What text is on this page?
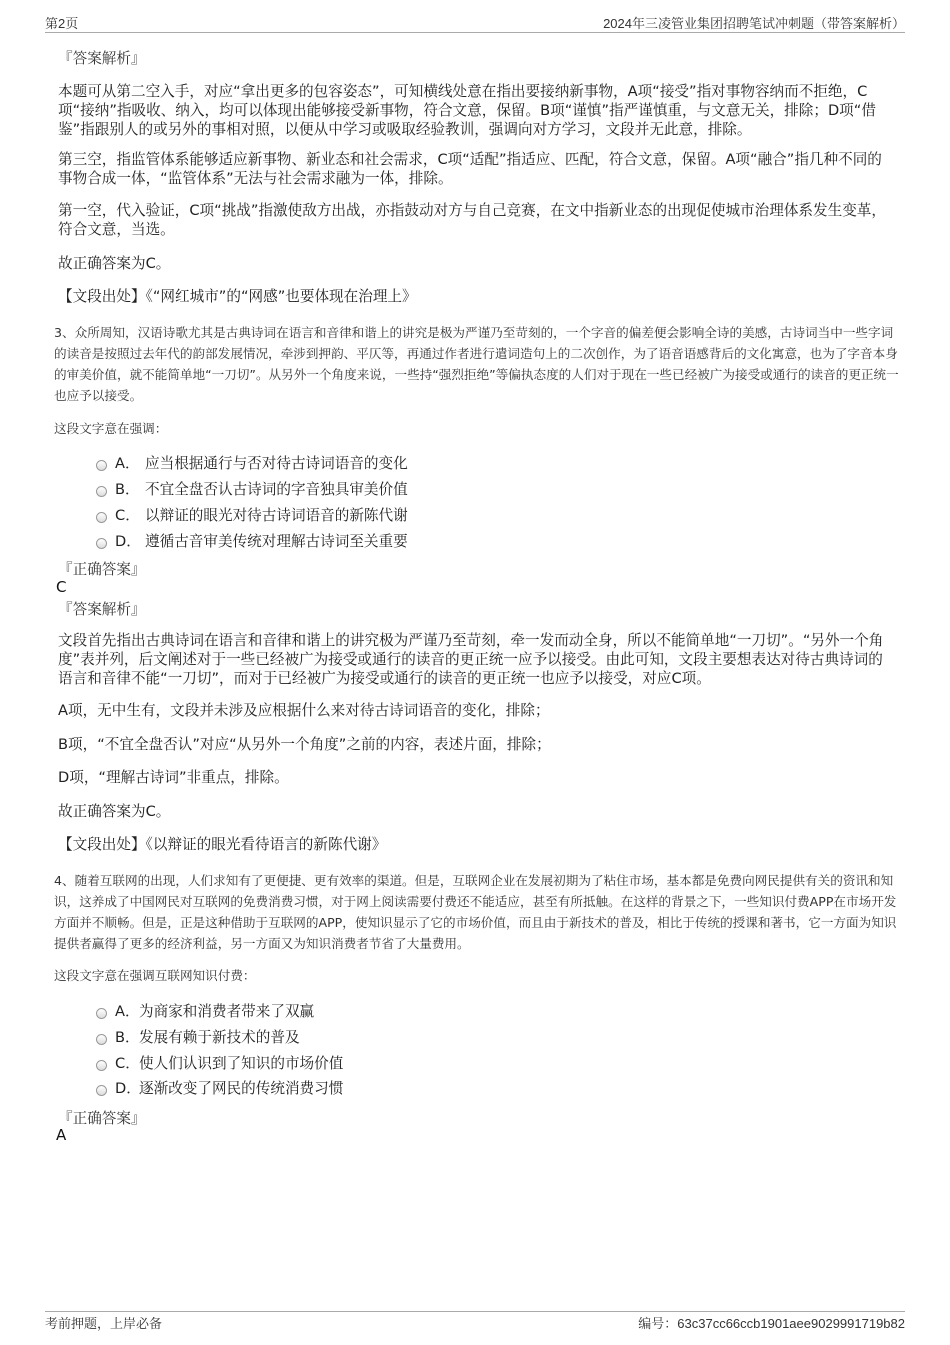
第2页	2024年三凌管业集团招聘笔试冲刺题（带答案解析）
『答案解析』
本题可从第二空入手，对应“拿出更多的包容姿态”，可知横线处意在指出要接纳新事物，A项“接受”指对事物容纳而不拒绝，C项“接纳”指吸收、纳入，均可以体现出能够接受新事物，符合文意，保留。B项“谨慎”指严谨慎重，与文意无关，排除；D项“借鉴”指跟别人的或另外的事相对照，以便从中学习或吸取经验教训，强调向对方学习，文段并无此意，排除。
第三空，指监管体系能够适应新事物、新业态和社会需求，C项“适配”指适应、匹配，符合文意，保留。A项“融合”指几种不同的事物合成一体，“监管体系”无法与社会需求融为一体，排除。
第一空，代入验证，C项“挑战”指激使敌方出战，亦指鼓动对方与自己竞赛，在文中指新业态的出现促使城市治理体系发生变革，符合文意，当选。
故正确答案为C。
【文段出处】《“网红城市”的“网感”也要体现在治理上》
3、众所周知，汉语诗歌尤其是古典诗词在语言和音律和谐上的讲究是极为严谨乃至苛刻的，一个字音的偏差便会影响全诗的美感，古诗词当中一些字词的读音是按照过去年代的韵部发展情况，牵涉到押韵、平仄等，再通过作者进行遣词造句上的二次创作，为了语音语感背后的文化寓意，也为了字音本身的审美价值，就不能简单地“一刀切”。从另外一个角度来说，一些持“强烈拒绝”等偏执态度的人们对于现在一些已经被广为接受或通行的读音的更正统一也应予以接受。
这段文字意在强调：
A． 应当根据通行与否对待古诗词语音的变化
B． 不宜全盘否认古诗词的字音独具审美价值
C． 以辩证的眼光对待古诗词语音的新陈代谢
D． 遵循古音审美传统对理解古诗词至关重要
『正确答案』
C
『答案解析』
文段首先指出古典诗词在语言和音律和谐上的讲究极为严谨乃至苛刻，牵一发而动全身，所以不能简单地“一刀切”。“另外一个角度”表并列，后文阐述对于一些已经被广为接受或通行的读音的更正统一应予以接受。由此可知，文段主要想表达对待古典诗词的语言和音律不能“一刀切”，而对于已经被广为接受或通行的读音的更正统一也应予以接受，对应C项。
A项，无中生有，文段并未涉及应根据什么来对待古诗词语音的变化，排除；
B项，“不宜全盘否认”对应“从另外一个角度”之前的内容，表述片面，排除；
D项，“理解古诗词”非重点，排除。
故正确答案为C。
【文段出处】《以辩证的眼光看待语言的新陈代谢》
4、随着互联网的出现，人们求知有了更便捷、更有效率的渠道。但是，互联网企业在发展初期为了粘住市场，基本都是免费向网民提供有关的资讯和知识，这养成了中国网民对互联网的免费消费习惯，对于网上阅读需要付费还不能适应，甚至有所抵触。在这样的背景之下，一些知识付费APP在市场开发方面并不顺畅。但是，正是这种借助于互联网的APP，使知识显示了它的市场价值，而且由于新技术的普及，相比于传统的授课和著书，它一方面为知识提供者赢得了更多的经济利益，另一方面又为知识消费者节省了大量费用。
这段文字意在强调互联网知识付费：
A． 为商家和消费者带来了双赢
B． 发展有赖于新技术的普及
C． 使人们认识到了知识的市场价值
D．
逐渐改变了网民的传统消费习惯
『正确答案』
A
考前押题，上岸必备	编号：63c37cc66ccb1901aee9029991719b82
